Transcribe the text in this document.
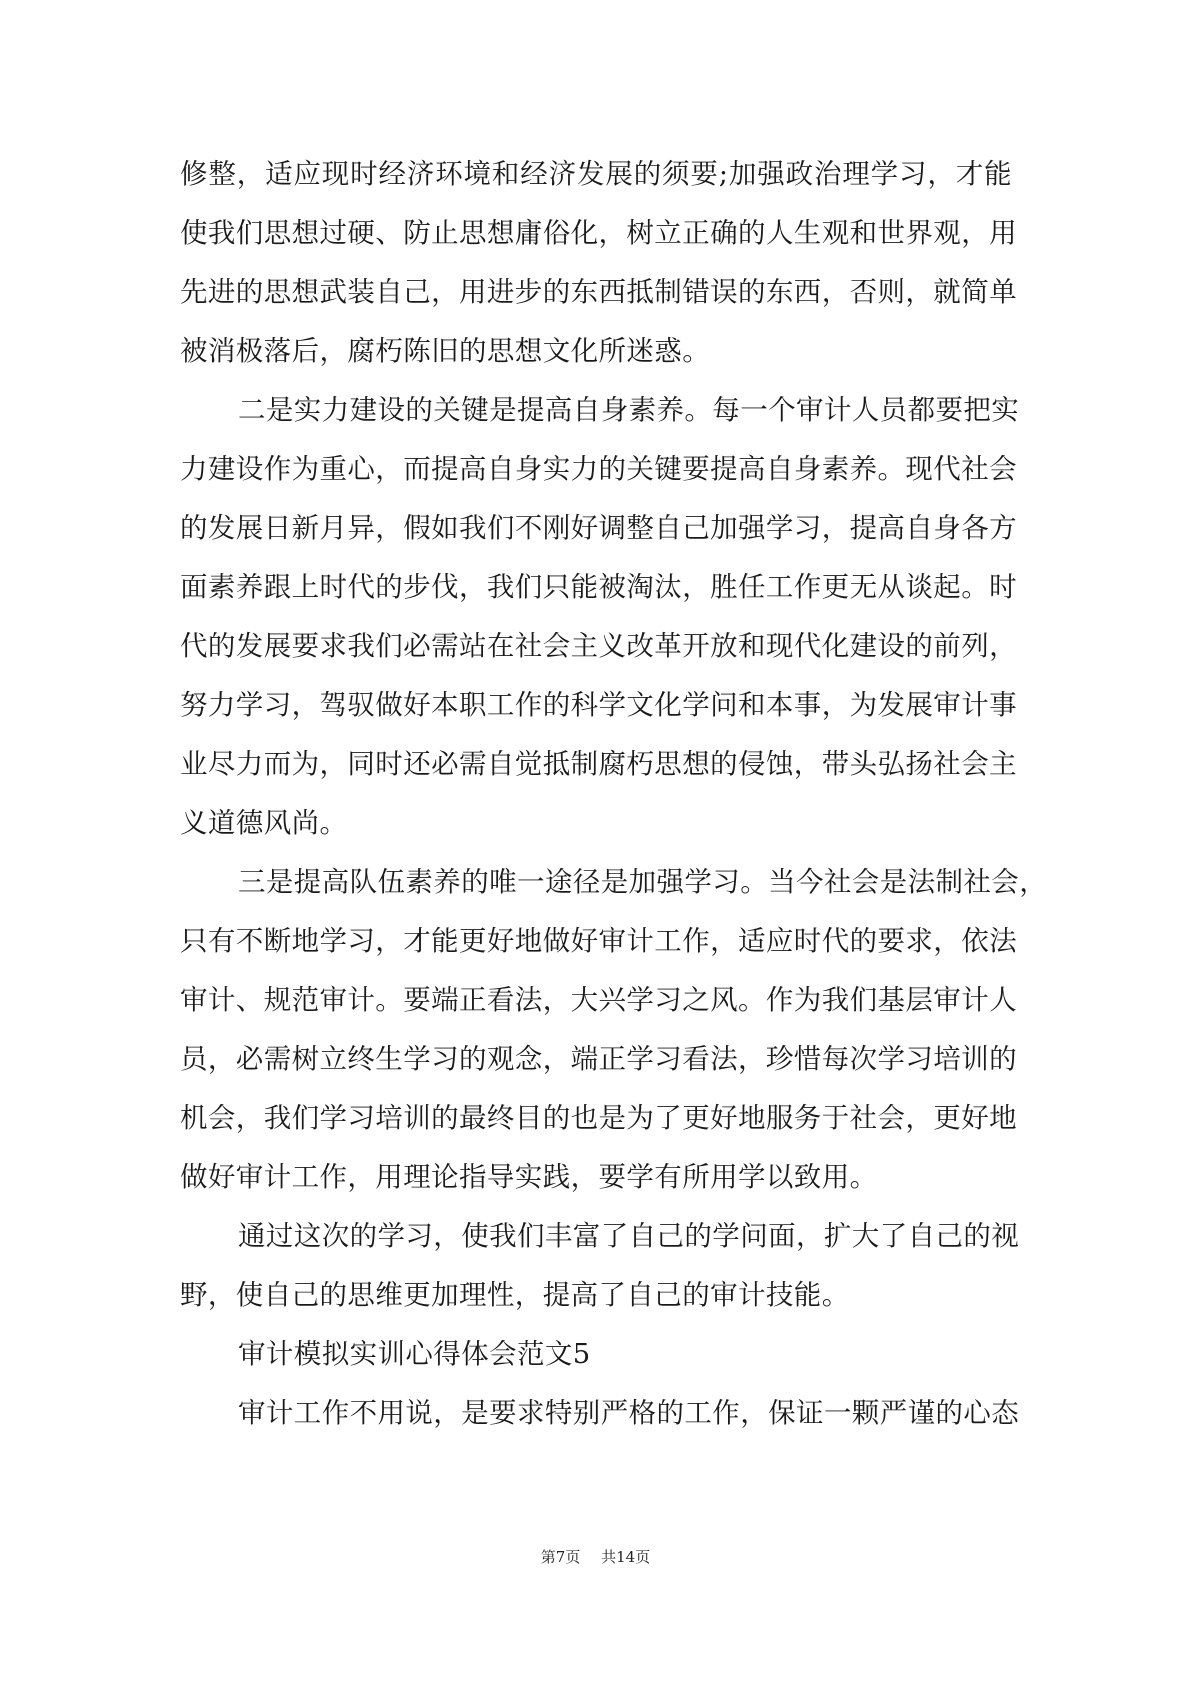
修整，适应现时经济环境和经济发展的须要;加强政治理学习，才能
使我们思想过硬、防止思想庸俗化，树立正确的人生观和世界观，用
先进的思想武装自己，用进步的东西抵制错误的东西，否则，就简单
被消极落后，腐朽陈旧的思想文化所迷惑。
二是实力建设的关键是提高自身素养。每一个审计人员都要把实
力建设作为重心，而提高自身实力的关键要提高自身素养。现代社会
的发展日新月异，假如我们不刚好调整自己加强学习，提高自身各方
面素养跟上时代的步伐，我们只能被淘汰，胜任工作更无从谈起。时
代的发展要求我们必需站在社会主义改革开放和现代化建设的前列，
努力学习，驾驭做好本职工作的科学文化学问和本事，为发展审计事
业尽力而为，同时还必需自觉抵制腐朽思想的侵蚀，带头弘扬社会主
义道德风尚。
三是提高队伍素养的唯一途径是加强学习。当今社会是法制社会，
只有不断地学习，才能更好地做好审计工作，适应时代的要求，依法
审计、规范审计。要端正看法，大兴学习之风。作为我们基层审计人
员，必需树立终生学习的观念，端正学习看法，珍惜每次学习培训的
机会，我们学习培训的最终目的也是为了更好地服务于社会，更好地
做好审计工作，用理论指导实践，要学有所用学以致用。
通过这次的学习，使我们丰富了自己的学问面，扩大了自己的视
野，使自己的思维更加理性，提高了自己的审计技能。
审计模拟实训心得体会范文5
审计工作不用说，是要求特别严格的工作，保证一颗严谨的心态
第7页 共14页
